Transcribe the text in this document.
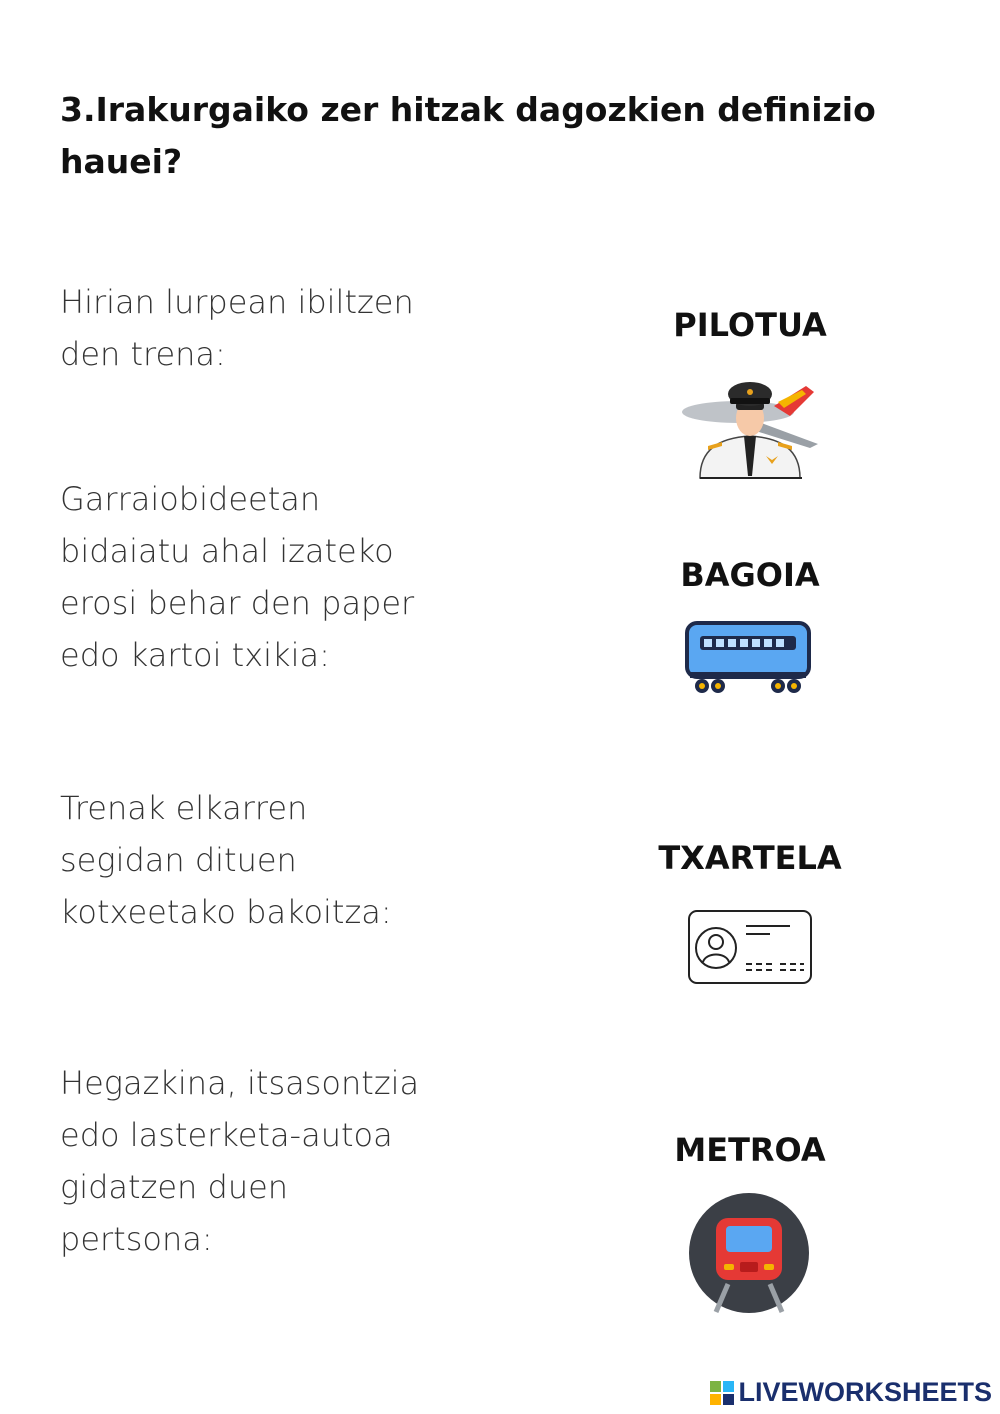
3.Irakurgaiko zer hitzak dagozkien definizio hauei?
Hirian lurpean ibiltzen
den trena:
Garraiobideetan
bidaiatu ahal izateko
erosi behar den paper
edo kartoi txikia:
Trenak elkarren
segidan dituen
kotxeetako bakoitza:
Hegazkina, itsasontzia
edo lasterketa-autoa
gidatzen duen
pertsona:
PILOTUA
BAGOIA
TXARTELA
METROA
LIVEWORKSHEETS
